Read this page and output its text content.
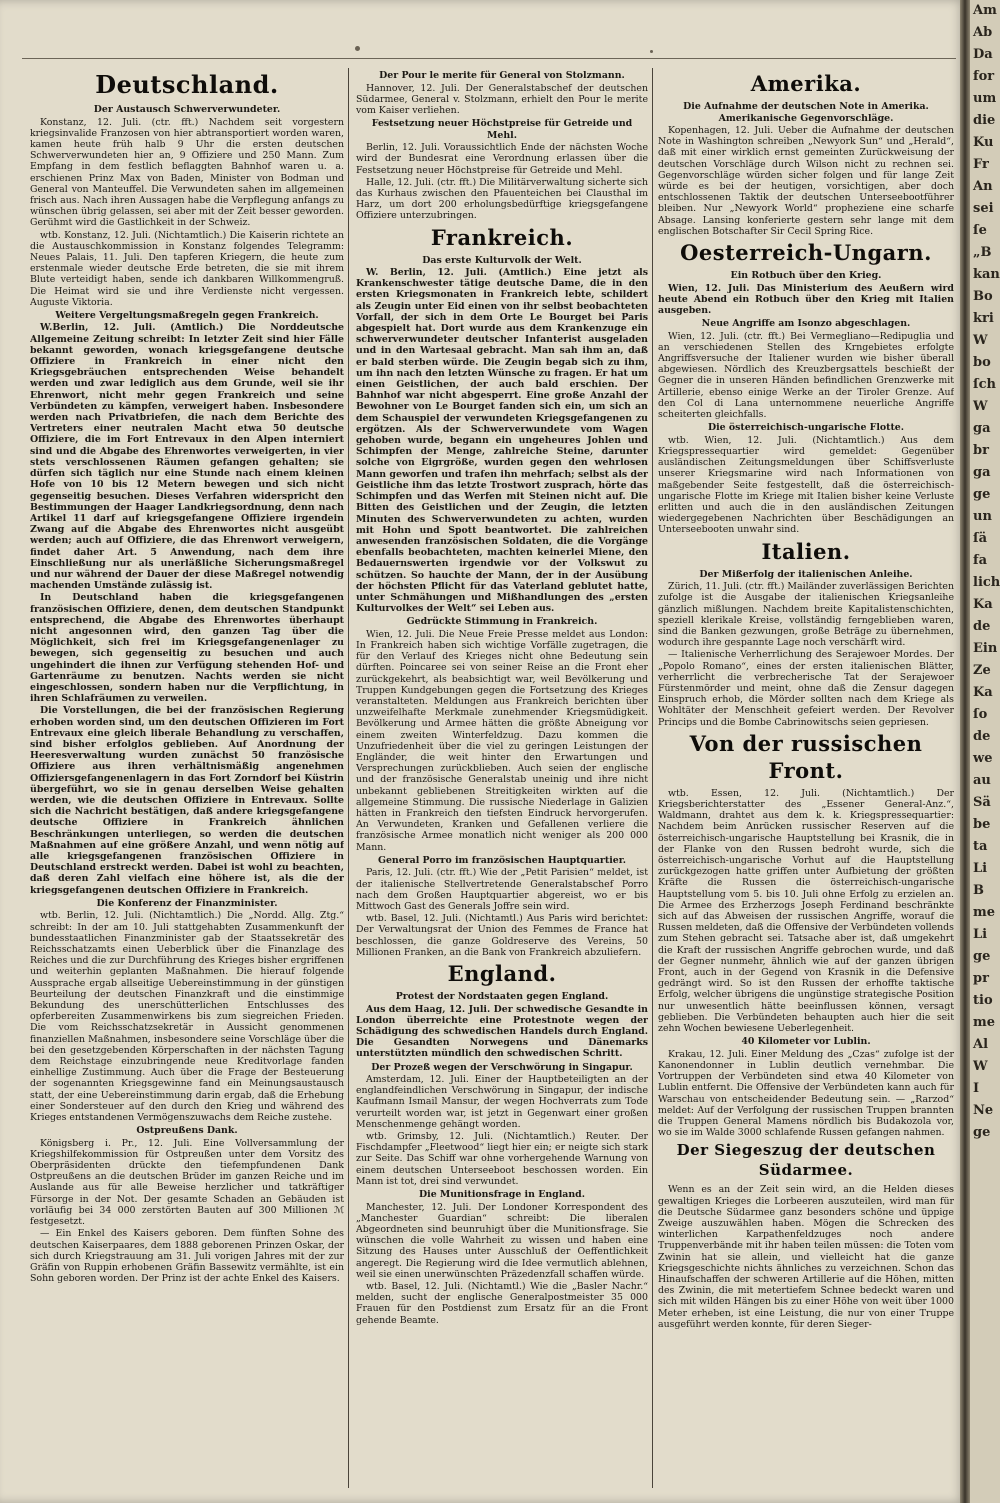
Deutschland.
Der Austausch Schwerverwundeter.

Konstanz, 12. Juli. (ctr. fft.) Nachdem seit vorgestern kriegsinvalide Franzosen von hier abtransportiert worden waren, kamen heute früh halb 9 Uhr die ersten deutschen Schwerverwundeten hier an, 9 Offiziere und 250 Mann. Zum Empfang in dem festlich beflaggten Bahnhof waren u. a. erschienen Prinz Max von Baden, Minister von Bodman und General von Manteuffel. Die Verwundeten sahen im allgemeinen frisch aus. Nach ihren Aussagen habe die Verpflegung anfangs zu wünschen übrig gelassen, sei aber mit der Zeit besser geworden. Gerühmt wird die Gastlichkeit in der Schweiz.

wtb. Konstanz, 12. Juli. (Nichtamtlich.) Die Kaiserin richtete an die Austauschkommission in Konstanz folgendes Telegramm: Neues Palais, 11. Juli. Den tapferen Kriegern, die heute zum erstenmale wieder deutsche Erde betreten, die sie mit ihrem Blute verteidigt haben, sende ich dankbaren Willkommengruß. Die Heimat wird sie und ihre Verdienste nicht vergessen. Auguste Viktoria.

Weitere Vergeltungsmaßregeln gegen Frankreich.

W.Berlin, 12. Juli. (Amtlich.) Die Norddeutsche Allgemeine Zeitung schreibt: In letzter Zeit sind hier Fälle bekannt geworden, wonach kriegsgefangene deutsche Offiziere in Frankreich in einer nicht den Kriegsgebräuchen entsprechenden Weise behandelt werden und zwar lediglich aus dem Grunde, weil sie ihr Ehrenwort, nicht mehr gegen Frankreich und seine Verbündeten zu kämpfen, verweigert haben. Insbesondere werden nach Privatbriefen, die nach dem Berichte des Vertreters einer neutralen Macht etwa 50 deutsche Offiziere, die im Fort Entrevaux in den Alpen interniert sind und die Abgabe des Ehrenwortes verweigerten, in vier stets verschlossenen Räumen gefangen gehalten; sie dürfen sich täglich nur eine Stunde nach einem kleinen Hofe von 10 bis 12 Metern bewegen und sich nicht gegenseitig besuchen. Dieses Verfahren widerspricht den Bestimmungen der Haager Landkriegsordnung, denn nach Artikel 11 darf auf kriegsgefangene Offiziere irgendein Zwang auf die Abgabe des Ehrenwortes nicht ausgeübt werden; auch auf Offiziere, die das Ehrenwort verweigern, findet daher Art. 5 Anwendung, nach dem ihre Einschließung nur als unerläßliche Sicherungsmaßregel und nur während der Dauer der diese Maßregel notwendig machenden Umstände zulässig ist.

In Deutschland haben die kriegsgefangenen französischen Offiziere, denen, dem deutschen Standpunkt entsprechend, die Abgabe des Ehrenwortes überhaupt nicht angesonnen wird, den ganzen Tag über die Möglichkeit, sich frei im Kriegsgefangenenlager zu bewegen, sich gegenseitig zu besuchen und auch ungehindert die ihnen zur Verfügung stehenden Hof- und Gartenräume zu benutzen. Nachts werden sie nicht eingeschlossen, sondern haben nur die Verpflichtung, in ihren Schlafräumen zu verweilen.

Die Vorstellungen, die bei der französischen Regierung erhoben worden sind, um den deutschen Offizieren im Fort Entrevaux eine gleich liberale Behandlung zu verschaffen, sind bisher erfolglos geblieben. Auf Anordnung der Heeresverwaltung wurden zunächst 50 französische Offiziere aus ihren verhältnismäßig angenehmen Offiziersgefangenenlagern in das Fort Zorndorf bei Küstrin übergeführt, wo sie in genau derselben Weise gehalten werden, wie die deutschen Offiziere in Entrevaux. Sollte sich die Nachricht bestätigen, daß andere kriegsgefangene deutsche Offiziere in Frankreich ähnlichen Beschränkungen unterliegen, so werden die deutschen Maßnahmen auf eine größere Anzahl, und wenn nötig auf alle kriegsgefangenen französischen Offiziere in Deutschland erstreckt werden. Dabei ist wohl zu beachten, daß deren Zahl vielfach eine höhere ist, als die der kriegsgefangenen deutschen Offiziere in Frankreich.

Die Konferenz der Finanzminister.

wtb. Berlin, 12. Juli. (Nichtamtlich.) Die „Nordd. Allg. Ztg.“ schreibt: In der am 10. Juli stattgehabten Zusammenkunft der bundesstaatlichen Finanzminister gab der Staatssekretär des Reichsschatzamts einen Ueberblick über die Finanzlage des Reiches und die zur Durchführung des Krieges bisher ergriffenen und weiterhin geplanten Maßnahmen. Die hierauf folgende Aussprache ergab allseitige Uebereinstimmung in der günstigen Beurteilung der deutschen Finanzkraft und die einstimmige Bekundung des unerschütterlichen Entschlusses des opferbereiten Zusammenwirkens bis zum siegreichen Frieden. Die vom Reichsschatzsekretär in Aussicht genommenen finanziellen Maßnahmen, insbesondere seine Vorschläge über die bei den gesetzgebenden Körperschaften in der nächsten Tagung dem Reichstage einzubringende neue Kreditvorlage fanden einhellige Zustimmung. Auch über die Frage der Besteuerung der sogenannten Kriegsgewinne fand ein Meinungsaustausch statt, der eine Uebereinstimmung darin ergab, daß die Erhebung einer Sondersteuer auf den durch den Krieg und während des Krieges entstandenen Vermögenszuwachs dem Reiche zustehe.

Ostpreußens Dank.

Königsberg i. Pr., 12. Juli. Eine Vollversammlung der Kriegshilfekommission für Ostpreußen unter dem Vorsitz des Oberpräsidenten drückte den tiefempfundenen Dank Ostpreußens an die deutschen Brüder im ganzen Reiche und im Auslande aus für alle Beweise herzlicher und tatkräftiger Fürsorge in der Not. Der gesamte Schaden an Gebäuden ist vorläufig bei 34 000 zerstörten Bauten auf 300 Millionen ℳ festgesetzt.

— Ein Enkel des Kaisers geboren. Dem fünften Sohne des deutschen Kaiserpaares, dem 1888 geborenen Prinzen Oskar, der sich durch Kriegstrauung am 31. Juli vorigen Jahres mit der zur Gräfin von Ruppin erhobenen Gräfin Bassewitz vermählte, ist ein Sohn geboren worden. Der Prinz ist der achte Enkel des Kaisers.

Der Pour le merite für General von Stolzmann.

Hannover, 12. Juli. Der Generalstabschef der deutschen Südarmee, General v. Stolzmann, erhielt den Pour le merite vom Kaiser verliehen.

Festsetzung neuer Höchstpreise für Getreide und Mehl.

Berlin, 12. Juli. Voraussichtlich Ende der nächsten Woche wird der Bundesrat eine Verordnung erlassen über die Festsetzung neuer Höchstpreise für Getreide und Mehl.

Halle, 12. Juli. (ctr. fft.) Die Militärverwaltung sicherte sich das Kurhaus zwischen den Pfauenteichen bei Clausthal im Harz, um dort 200 erholungsbedürftige kriegsgefangene Offiziere unterzubringen.

Frankreich.
Das erste Kulturvolk der Welt.

W. Berlin, 12. Juli. (Amtlich.) Eine jetzt als Krankenschwester tätige deutsche Dame, die in den ersten Kriegsmonaten in Frankreich lebte, schildert als Zeugin unter Eid einen von ihr selbst beobachteten Vorfall, der sich in dem Orte Le Bourget bei Paris abgespielt hat. Dort wurde aus dem Krankenzuge ein schwerverwundeter deutscher Infanterist ausgeladen und in den Wartesaal gebracht. Man sah ihm an, daß er bald sterben würde. Die Zeugin begab sich zu ihm, um ihn nach den letzten Wünsche zu fragen. Er hat um einen Geistlichen, der auch bald erschien. Der Bahnhof war nicht abgesperrt. Eine große Anzahl der Bewohner von Le Bourget fanden sich ein, um sich an dem Schauspiel der verwundeten Kriegsgefangenen zu ergötzen. Als der Schwerverwundete vom Wagen gehoben wurde, begann ein ungeheures Johlen und Schimpfen der Menge, zahlreiche Steine, darunter solche von Eigrgröße, wurden gegen den wehrlosen Mann geworfen und trafen ihn mehrfach; selbst als der Geistliche ihm das letzte Trostwort zusprach, hörte das Schimpfen und das Werfen mit Steinen nicht auf. Die Bitten des Geistlichen und der Zeugin, die letzten Minuten des Schwerverwundeten zu achten, wurden mit Hohn und Spott beantwortet. Die zahlreichen anwesenden französischen Soldaten, die die Vorgänge ebenfalls beobachteten, machten keinerlei Miene, den Bedauernswerten irgendwie vor der Volkswut zu schützen. So hauchte der Mann, der in der Ausübung der höchsten Pflicht für das Vaterland geblutet hatte, unter Schmähungen und Mißhandlungen des „ersten Kulturvolkes der Welt“ sei Leben aus.

Gedrückte Stimmung in Frankreich.

Wien, 12. Juli. Die Neue Freie Presse meldet aus London: In Frankreich haben sich wichtige Vorfälle zugetragen, die für den Verlauf des Krieges nicht ohne Bedeutung sein dürften. Poincaree sei von seiner Reise an die Front eher zurückgekehrt, als beabsichtigt war, weil Bevölkerung und Truppen Kundgebungen gegen die Fortsetzung des Krieges veranstalteten. Meldungen aus Frankreich berichten über unzweifelhafte Merkmale zunehmender Kriegsmüdigkeit. Bevölkerung und Armee hätten die größte Abneigung vor einem zweiten Winterfeldzug. Dazu kommen die Unzufriedenheit über die viel zu geringen Leistungen der Engländer, die weit hinter den Erwartungen und Versprechungen zurückblieben. Auch seien der englische und der französische Generalstab uneinig und ihre nicht unbekannt gebliebenen Streitigkeiten wirkten auf die allgemeine Stimmung. Die russische Niederlage in Galizien hätten in Frankreich den tiefsten Eindruck hervorgerufen. An Verwundeten, Kranken und Gefallenen verliere die französische Armee monatlich nicht weniger als 200 000 Mann.

General Porro im französischen Hauptquartier.

Paris, 12. Juli. (ctr. fft.) Wie der „Petit Parisien“ meldet, ist der italienische Stellvertretende Generalstabschef Porro nach dem Großen Hauptquartier abgereist, wo er bis Mittwoch Gast des Generals Joffre sein wird.

wtb. Basel, 12. Juli. (Nichtamtl.) Aus Paris wird berichtet: Der Verwaltungsrat der Union des Femmes de France hat beschlossen, die ganze Goldreserve des Vereins, 50 Millionen Franken, an die Bank von Frankreich abzuliefern.

England.
Protest der Nordstaaten gegen England.

Aus dem Haag, 12. Juli. Der schwedische Gesandte in London überreichte eine Protestnote wegen der Schädigung des schwedischen Handels durch England. Die Gesandten Norwegens und Dänemarks unterstützten mündlich den schwedischen Schritt.

Der Prozeß wegen der Verschwörung in Singapur.

Amsterdam, 12. Juli. Einer der Hauptbeteiligten an der englandfeindlichen Verschwörung in Singapur, der indische Kaufmann Ismail Mansur, der wegen Hochverrats zum Tode verurteilt worden war, ist jetzt in Gegenwart einer großen Menschenmenge gehängt worden.

wtb. Grimsby, 12. Juli. (Nichtamtlich.) Reuter. Der Fischdampfer „Fleetwood“ liegt hier ein; er neigte sich stark zur Seite. Das Schiff war ohne vorhergehende Warnung von einem deutschen Unterseeboot beschossen worden. Ein Mann ist tot, drei sind verwundet.

Die Munitionsfrage in England.

Manchester, 12. Juli. Der Londoner Korrespondent des „Manchester Guardian“ schreibt: Die liberalen Abgeordneten sind beunruhigt über die Munitionsfrage. Sie wünschen die volle Wahrheit zu wissen und haben eine Sitzung des Hauses unter Ausschluß der Oeffentlichkeit angeregt. Die Regierung wird die Idee vermutlich ablehnen, weil sie einen unerwünschten Präzedenzfall schaffen würde.

wtb. Basel, 12. Juli. (Nichtamtl.) Wie die „Basler Nachr.“ melden, sucht der englische Generalpostmeister 35 000 Frauen für den Postdienst zum Ersatz für an die Front gehende Beamte.

Amerika.
Die Aufnahme der deutschen Note in Amerika. Amerikanische Gegenvorschläge.

Kopenhagen, 12. Juli. Ueber die Aufnahme der deutschen Note in Washington schreiben „Newyork Sun“ und „Herald“, daß mit einer wirklich ernst gemeinten Zurückweisung der deutschen Vorschläge durch Wilson nicht zu rechnen sei. Gegenvorschläge würden sicher folgen und für lange Zeit würde es bei der heutigen, vorsichtigen, aber doch entschlossenen Taktik der deutschen Unterseebootführer bleiben. Nur „Newyork World“ propheziene eine scharfe Absage. Lansing konferierte gestern sehr lange mit dem englischen Botschafter Sir Cecil Spring Rice.

Oesterreich-Ungarn.
Ein Rotbuch über den Krieg.

Wien, 12. Juli. Das Ministerium des Aeußern wird heute Abend ein Rotbuch über den Krieg mit Italien ausgeben.

Neue Angriffe am Isonzo abgeschlagen.

Wien, 12. Juli. (ctr. fft.) Bei Vermegliano—Redipuglia und an verschiedenen Stellen des Krngebietes erfolgte Angriffsversuche der Italiener wurden wie bisher überall abgewiesen. Nördlich des Kreuzbergsattels beschießt der Gegner die in unseren Händen befindlichen Grenzwerke mit Artillerie, ebenso einige Werke an der Tiroler Grenze. Auf den Col di Lana unternommene neuerliche Angriffe scheiterten gleichfalls.

Die österreichisch-ungarische Flotte.

wtb. Wien, 12. Juli. (Nichtamtlich.) Aus dem Kriegspressequartier wird gemeldet: Gegenüber ausländischen Zeitungsmeldungen über Schiffsverluste unserer Kriegsmarine wird nach Informationen von maßgebender Seite festgestellt, daß die österreichisch-ungarische Flotte im Kriege mit Italien bisher keine Verluste erlitten und auch die in den ausländischen Zeitungen wiedergegebenen Nachrichten über Beschädigungen an Unterseebooten unwahr sind.

Italien.
Der Mißerfolg der italienischen Anleihe.

Zürich, 11. Juli. (ctr. fft.) Mailänder zuverlässigen Berichten zufolge ist die Ausgabe der italienischen Kriegsanleihe gänzlich mißlungen. Nachdem breite Kapitalistenschichten, speziell klerikale Kreise, vollständig ferngeblieben waren, sind die Banken gezwungen, große Beträge zu übernehmen, wodurch ihre gespannte Lage noch verschärft wird.

— Italienische Verherrlichung des Serajewoer Mordes. Der „Popolo Romano“, eines der ersten italienischen Blätter, verherrlicht die verbrecherische Tat der Serajewoer Fürstenmörder und meint, ohne daß die Zensur dagegen Einspruch erhob, die Mörder sollten nach dem Kriege als Wohltäter der Menschheit gefeiert werden. Der Revolver Princips und die Bombe Cabrinowitschs seien gepriesen.

Von der russischen Front.

wtb. Essen, 12. Juli. (Nichtamtlich.) Der Kriegsberichterstatter des „Essener General-Anz.“, Waldmann, drahtet aus dem k. k. Kriegspressequartier: Nachdem beim Anrücken russischer Reserven auf die österreichisch-ungarische Hauptstellung bei Krasnik, die in der Flanke von den Russen bedroht wurde, sich die österreichisch-ungarische Vorhut auf die Hauptstellung zurückgezogen hatte griffen unter Aufbietung der größten Kräfte die Russen die österreichisch-ungarische Hauptstellung vom 5. bis 10. Juli ohne Erfolg zu erzielen an. Die Armee des Erzherzogs Joseph Ferdinand beschränkte sich auf das Abweisen der russischen Angriffe, worauf die Russen meldeten, daß die Offensive der Verbündeten vollends zum Stehen gebracht sei. Tatsache aber ist, daß umgekehrt die Kraft der russischen Angriffe gebrochen wurde, und daß der Gegner nunmehr, ähnlich wie auf der ganzen übrigen Front, auch in der Gegend von Krasnik in die Defensive gedrängt wird. So ist den Russen der erhoffte taktische Erfolg, welcher übrigens die ungünstige strategische Position nur unwesentlich hätte beeinflussen können, versagt geblieben. Die Verbündeten behaupten auch hier die seit zehn Wochen bewiesene Ueberlegenheit.

40 Kilometer vor Lublin.

Krakau, 12. Juli. Einer Meldung des „Czas“ zufolge ist der Kanonendonner in Lublin deutlich vernehmbar. Die Vortruppen der Verbündeten sind etwa 40 Kilometer von Lublin entfernt. Die Offensive der Verbündeten kann auch für Warschau von entscheidender Bedeutung sein. — „Rarzod“ meldet: Auf der Verfolgung der russischen Truppen brannten die Truppen General Mamens nördlich bis Budakozola vor, wo sie im Walde 3000 schlafende Russen gefangen nahmen.

Der Siegeszug der deutschen Südarmee.

Wenn es an der Zeit sein wird, an die Helden dieses gewaltigen Krieges die Lorbeeren auszuteilen, wird man für die Deutsche Südarmee ganz besonders schöne und üppige Zweige auszuwählen haben. Mögen die Schrecken des winterlichen Karpathenfeldzuges noch andere Truppenverbände mit ihr haben teilen müssen: die Toten vom Zwinin hat sie allein, und vielleicht hat die ganze Kriegsgeschichte nichts ähnliches zu verzeichnen. Schon das Hinaufschaffen der schweren Artillerie auf die Höhen, mitten des Zwinin, die mit metertiefem Schnee bedeckt waren und sich mit wilden Hängen bis zu einer Höhe von weit über 1000 Meter erheben, ist eine Leistung, die nur von einer Truppe ausgeführt werden konnte, für deren Sieger-

Am
Ab
Da
for
um
die
Ku
Fr
An
sei
ſe
„B
kan
Bo
kri
W
bo
ſch
W
ga
br
ga
ge
un
ſä
fa
lich
Ka
de
Ein
Ze
Ka
ſo
de
we
au
Sä
be
ta
Li
B
me
Li
ge
pr
tio
me
Al
W
I
Ne
ge
